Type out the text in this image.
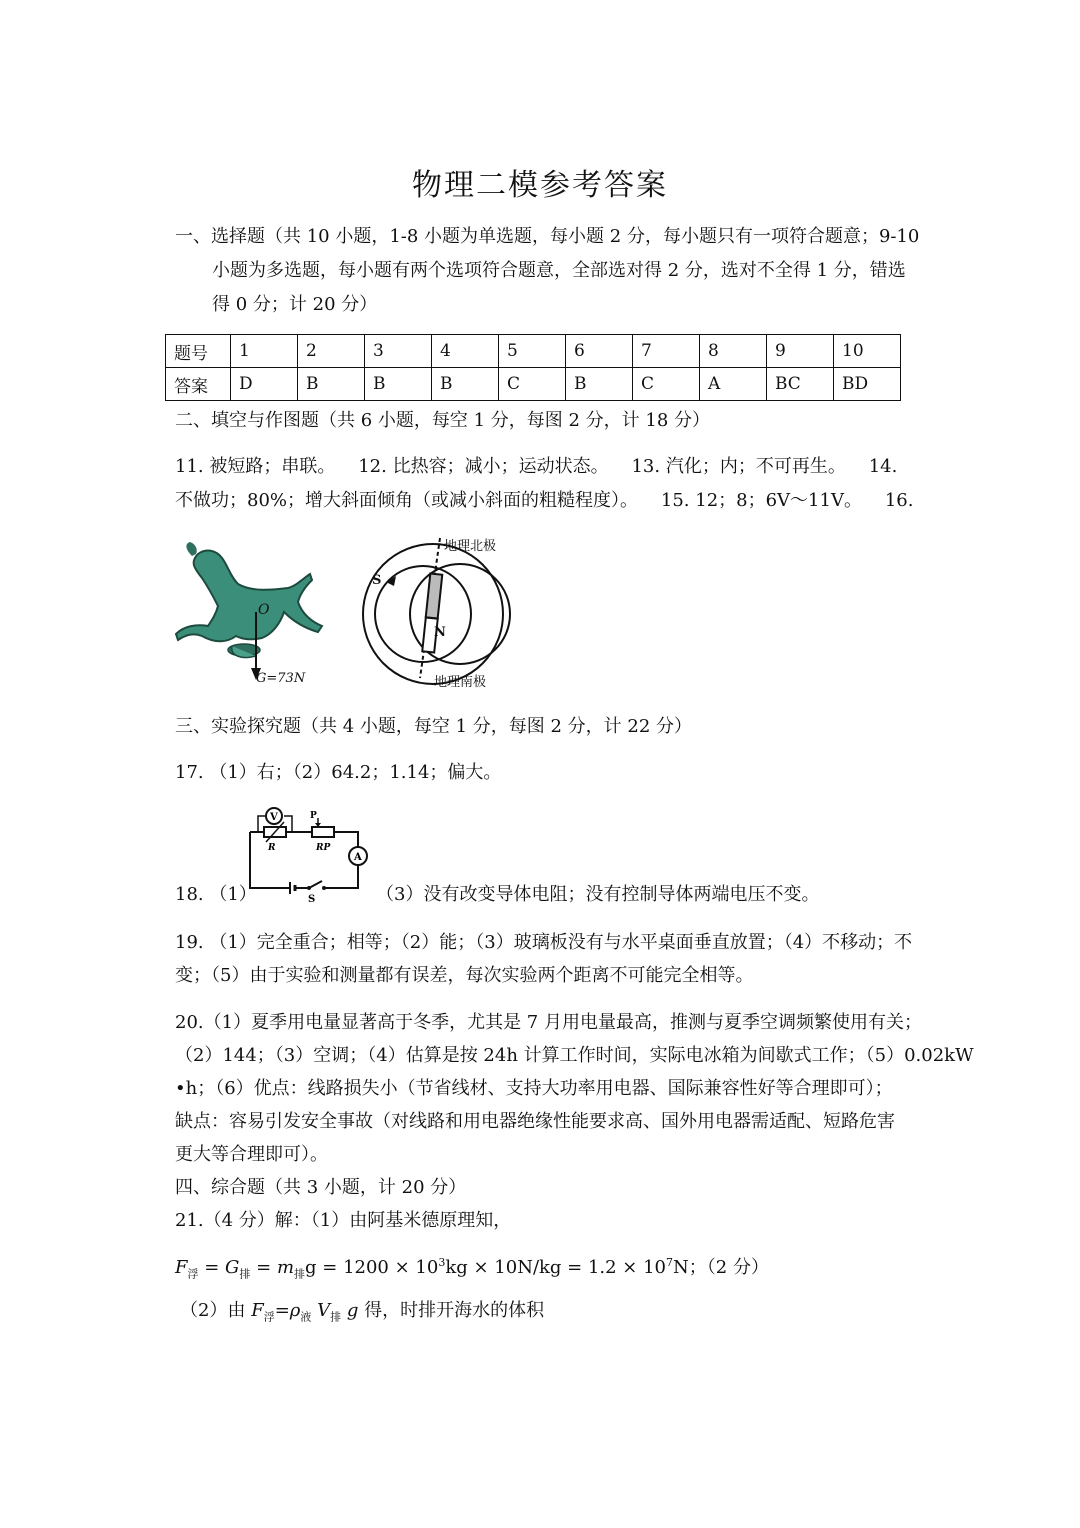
物理二模参考答案
一、选择题（共 10 小题，1-8 小题为单选题，每小题 2 分，每小题只有一项符合题意；9-10
小题为多选题，每小题有两个选项符合题意，全部选对得 2 分，选对不全得 1 分，错选
得 0 分；计 20 分）
题号	1	2	3	4	5	6	7	8	9	10
答案	D	B	B	B	C	B	C	A	BC	BD
二、填空与作图题（共 6 小题，每空 1 分，每图 2 分，计 18 分）
11. 被短路；串联。    12. 比热容；减小；运动状态。    13. 汽化；内；不可再生。    14.
不做功；80%；增大斜面倾角（或减小斜面的粗糙程度）。    15. 12；8；6V～11V。    16.
O
G=73N
S
N
地理北极
地理南极
三、实验探究题（共 4 小题，每空 1 分，每图 2 分，计 22 分）
17. （1）右；（2）64.2；1.14；偏大。
S
A
P
RP
R
V
18. （1）	（3）没有改变导体电阻；没有控制导体两端电压不变。
19. （1）完全重合；相等；（2）能；（3）玻璃板没有与水平桌面垂直放置；（4）不移动；不
变；（5）由于实验和测量都有误差，每次实验两个距离不可能完全相等。
20.（1）夏季用电量显著高于冬季，尤其是 7 月用电量最高，推测与夏季空调频繁使用有关；
（2）144；（3）空调；（4）估算是按 24h 计算工作时间，实际电冰箱为间歇式工作；（5）0.02kW
•h；（6）优点：线路损失小（节省线材、支持大功率用电器、国际兼容性好等合理即可）；
缺点：容易引发安全事故（对线路和用电器绝缘性能要求高、国外用电器需适配、短路危害
更大等合理即可）。
四、综合题（共 3 小题，计 20 分）
21.（4 分）解：（1）由阿基米德原理知，
$F_浮 = G_排 = m_排g = 1200 \times 10^3kg \times 10N/kg = 1.2 \times 10^7N$；（2 分）
（2）由 $F_浮=\rho_液$ $V_排$ g 得，时排开海水的体积
